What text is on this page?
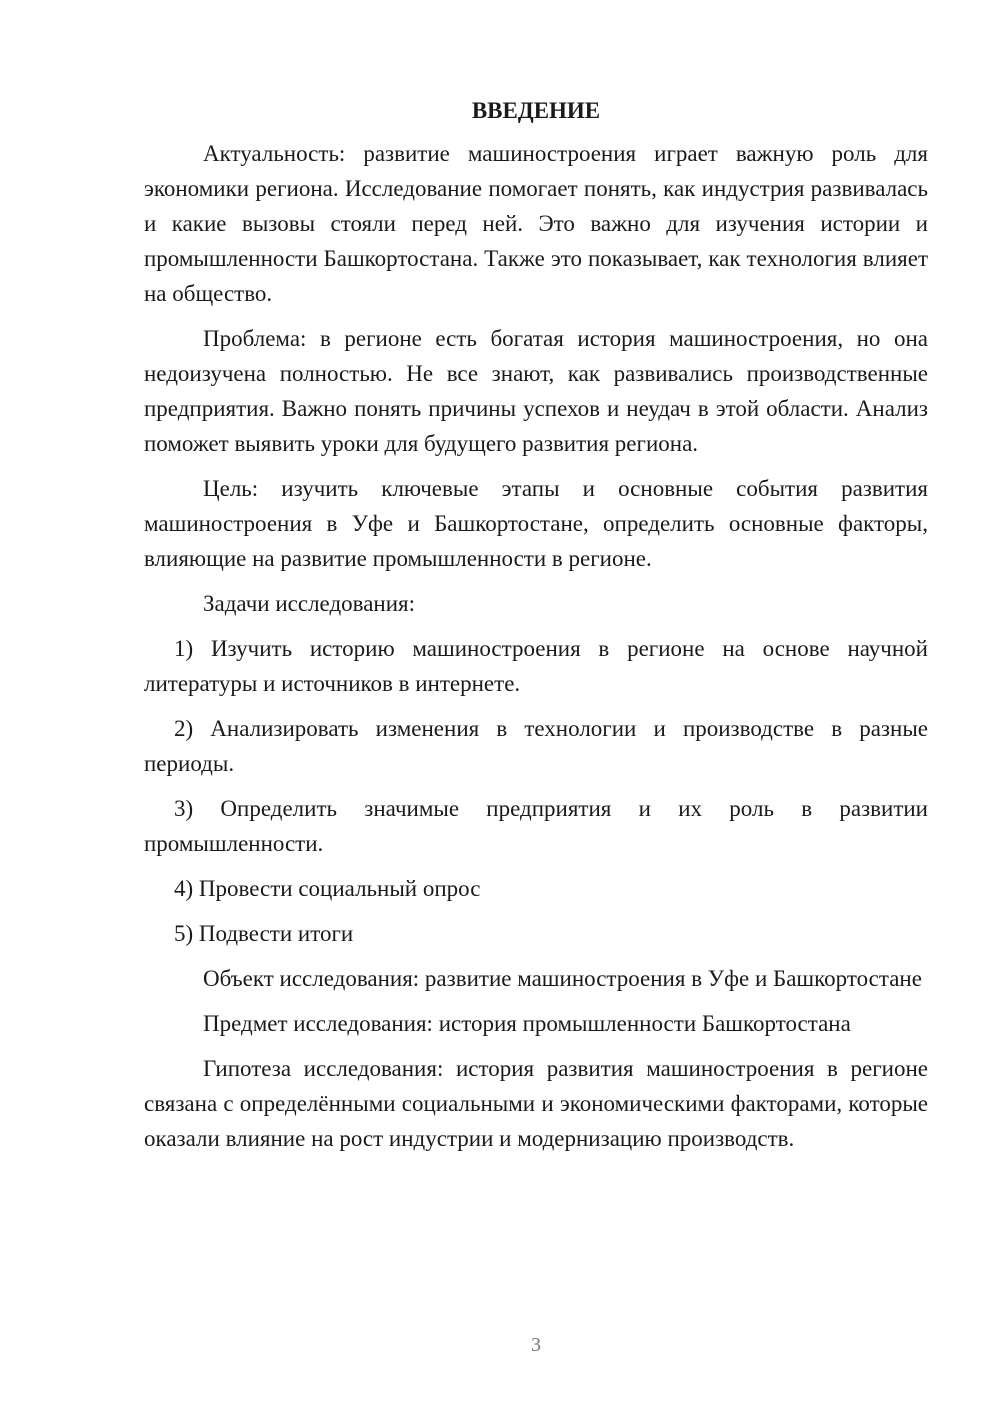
ВВЕДЕНИЕ

Актуальность: развитие машиностроения играет важную роль для экономики региона. Исследование помогает понять, как индустрия развивалась и какие вызовы стояли перед ней. Это важно для изучения истории и промышленности Башкортостана. Также это показывает, как технология влияет на общество.

Проблема: в регионе есть богатая история машиностроения, но она недоизучена полностью. Не все знают, как развивались производственные предприятия. Важно понять причины успехов и неудач в этой области. Анализ поможет выявить уроки для будущего развития региона.

Цель: изучить ключевые этапы и основные события развития машиностроения в Уфе и Башкортостане, определить основные факторы, влияющие на развитие промышленности в регионе.

Задачи исследования:

1) Изучить историю машиностроения в регионе на основе научной литературы и источников в интернете.

2) Анализировать изменения в технологии и производстве в разные периоды.

3) Определить значимые предприятия и их роль в развитии промышленности.

4) Провести социальный опрос

5) Подвести итоги

Объект исследования: развитие машиностроения в Уфе и Башкортостане

Предмет исследования: история промышленности Башкортостана

Гипотеза исследования: история развития машиностроения в регионе связана с определёнными социальными и экономическими факторами, которые оказали влияние на рост индустрии и модернизацию производств.

3
